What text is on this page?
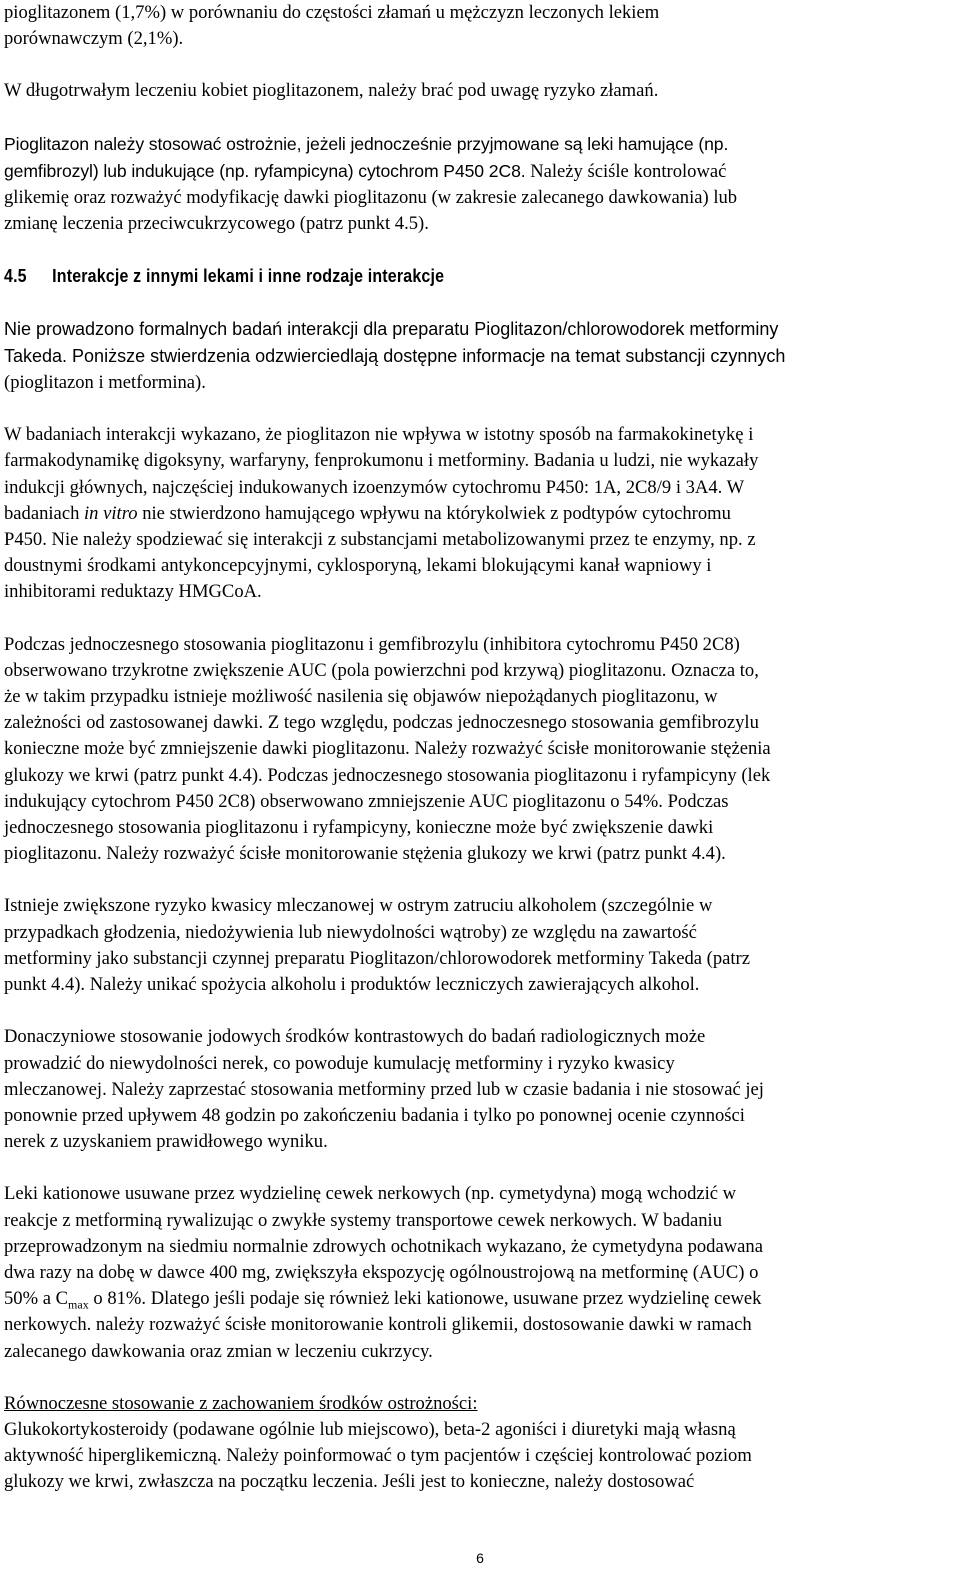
pioglitazonem (1,7%) w porównaniu do częstości złamań u mężczyzn leczonych lekiem
porównawczym (2,1%).

W długotrwałym leczeniu kobiet pioglitazonem, należy brać pod uwagę ryzyko złamań.

Pioglitazon należy stosować ostrożnie, jeżeli jednocześnie przyjmowane są leki hamujące (np.
gemfibrozyl) lub indukujące (np. ryfampicyna) cytochrom P450 2C8. Należy ściśle kontrolować
glikemię oraz rozważyć modyfikację dawki pioglitazonu (w zakresie zalecanego dawkowania) lub
zmianę leczenia przeciwcukrzycowego (patrz punkt 4.5).

4.5 Interakcje z innymi lekami i inne rodzaje interakcje

Nie prowadzono formalnych badań interakcji dla preparatu Pioglitazon/chlorowodorek metforminy
Takeda. Poniższe stwierdzenia odzwierciedlają dostępne informacje na temat substancji czynnych
(pioglitazon i metformina).

W badaniach interakcji wykazano, że pioglitazon nie wpływa w istotny sposób na farmakokinetykę i
farmakodynamikę digoksyny, warfaryny, fenprokumonu i metforminy. Badania u ludzi, nie wykazały
indukcji głównych, najczęściej indukowanych izoenzymów cytochromu P450: 1A, 2C8/9 i 3A4. W
badaniach in vitro nie stwierdzono hamującego wpływu na którykolwiek z podtypów cytochromu
P450. Nie należy spodziewać się interakcji z substancjami metabolizowanymi przez te enzymy, np. z
doustnymi środkami antykoncepcyjnymi, cyklosporyną, lekami blokującymi kanał wapniowy i
inhibitorami reduktazy HMGCoA.

Podczas jednoczesnego stosowania pioglitazonu i gemfibrozylu (inhibitora cytochromu P450 2C8)
obserwowano trzykrotne zwiększenie AUC (pola powierzchni pod krzywą) pioglitazonu. Oznacza to,
że w takim przypadku istnieje możliwość nasilenia się objawów niepożądanych pioglitazonu, w
zależności od zastosowanej dawki. Z tego względu, podczas jednoczesnego stosowania gemfibrozylu
konieczne może być zmniejszenie dawki pioglitazonu. Należy rozważyć ścisłe monitorowanie stężenia
glukozy we krwi (patrz punkt 4.4). Podczas jednoczesnego stosowania pioglitazonu i ryfampicyny (lek
indukujący cytochrom P450 2C8) obserwowano zmniejszenie AUC pioglitazonu o 54%. Podczas
jednoczesnego stosowania pioglitazonu i ryfampicyny, konieczne może być zwiększenie dawki
pioglitazonu. Należy rozważyć ścisłe monitorowanie stężenia glukozy we krwi (patrz punkt 4.4).

Istnieje zwiększone ryzyko kwasicy mleczanowej w ostrym zatruciu alkoholem (szczególnie w
przypadkach głodzenia, niedożywienia lub niewydolności wątroby) ze względu na zawartość
metforminy jako substancji czynnej preparatu Pioglitazon/chlorowodorek metforminy Takeda (patrz
punkt 4.4). Należy unikać spożycia alkoholu i produktów leczniczych zawierających alkohol.

Donaczyniowe stosowanie jodowych środków kontrastowych do badań radiologicznych może
prowadzić do niewydolności nerek, co powoduje kumulację metforminy i ryzyko kwasicy
mleczanowej. Należy zaprzestać stosowania metforminy przed lub w czasie badania i nie stosować jej
ponownie przed upływem 48 godzin po zakończeniu badania i tylko po ponownej ocenie czynności
nerek z uzyskaniem prawidłowego wyniku.

Leki kationowe usuwane przez wydzielinę cewek nerkowych (np. cymetydyna) mogą wchodzić w
reakcje z metforminą rywalizując o zwykłe systemy transportowe cewek nerkowych. W badaniu
przeprowadzonym na siedmiu normalnie zdrowych ochotnikach wykazano, że cymetydyna podawana
dwa razy na dobę w dawce 400 mg, zwiększyła ekspozycję ogólnoustrojową na metforminę (AUC) o
50% a $C_{max}$ o 81%. Dlatego jeśli podaje się również leki kationowe, usuwane przez wydzielinę cewek
nerkowych. należy rozważyć ścisłe monitorowanie kontroli glikemii, dostosowanie dawki w ramach
zalecanego dawkowania oraz zmian w leczeniu cukrzycy.

Równoczesne stosowanie z zachowaniem środków ostrożności:
Glukokortykosteroidy (podawane ogólnie lub miejscowo), beta-2 agoniści i diuretyki mają własną
aktywność hiperglikemiczną. Należy poinformować o tym pacjentów i częściej kontrolować poziom
glukozy we krwi, zwłaszcza na początku leczenia. Jeśli jest to konieczne, należy dostosować

6
